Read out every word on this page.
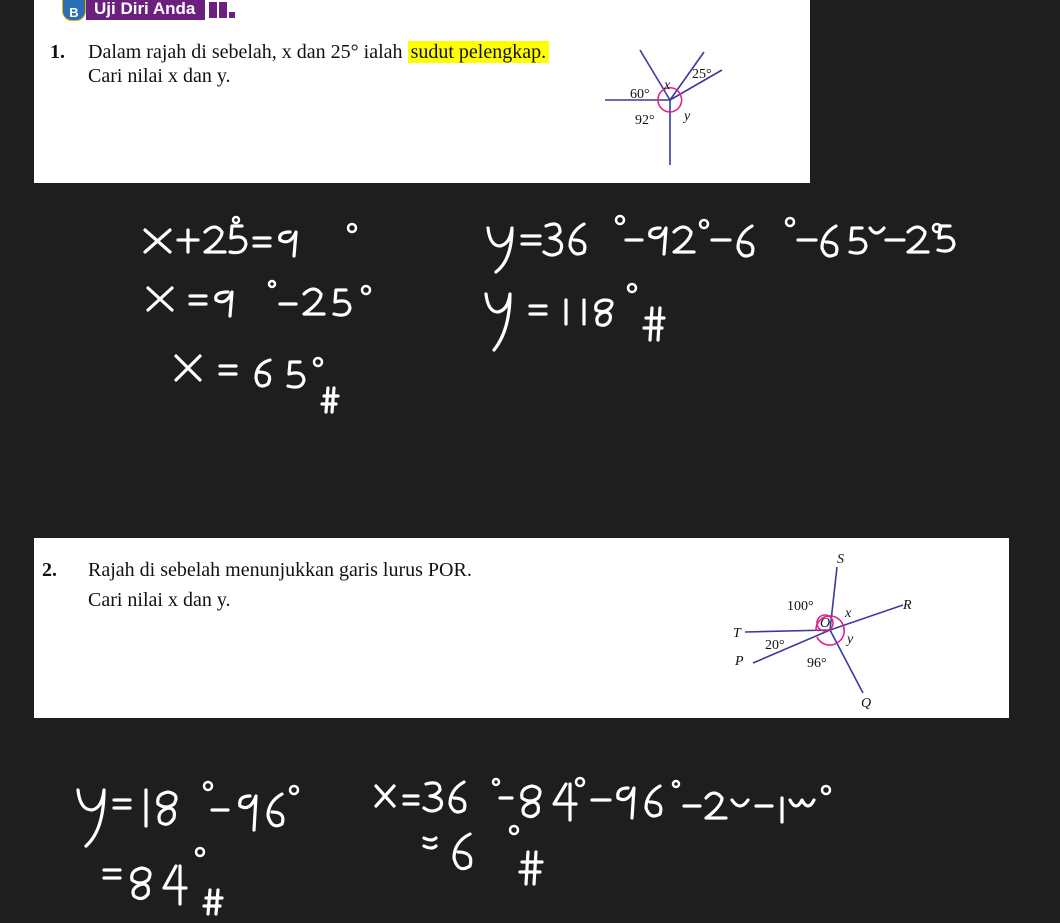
B Uji Diri Anda
1. Dalam rajah di sebelah, x dan 25° ialah sudut pelengkap.
Cari nilai x dan y.
60°
x
25°
92° y
2. Rajah di sebelah menunjukkan garis lurus POR.
Cari nilai x dan y.
S
R
T
P
Q
O
100° x
20°	y
96°
